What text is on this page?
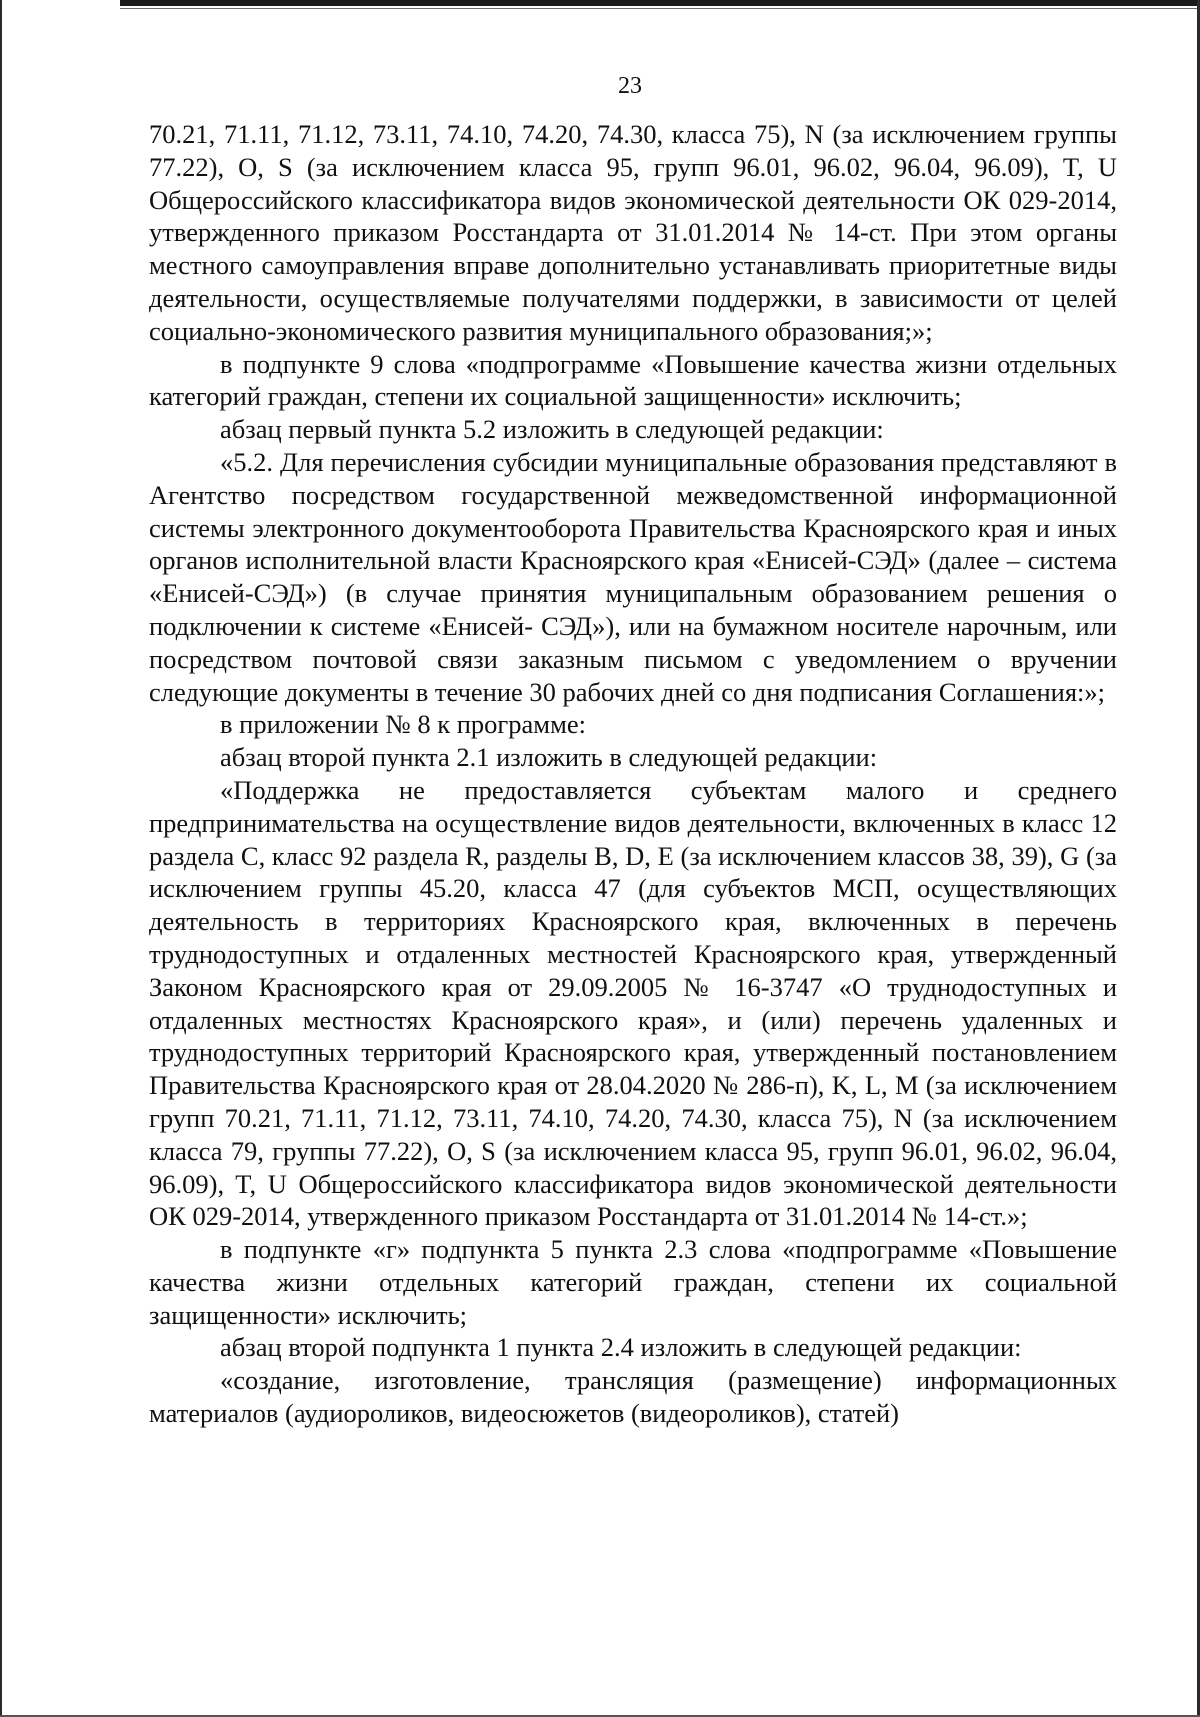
23

70.21, 71.11, 71.12, 73.11, 74.10, 74.20, 74.30, класса 75), N (за исключением группы 77.22), O, S (за исключением класса 95, групп 96.01, 96.02, 96.04, 96.09), T, U Общероссийского классификатора видов экономической деятельности ОК 029-2014, утвержденного приказом Росстандарта от 31.01.2014 № 14-ст. При этом органы местного самоуправления вправе дополнительно устанавливать приоритетные виды деятельности, осуществляемые получателями поддержки, в зависимости от целей социально-экономического развития муниципального образования;»;

в подпункте 9 слова «подпрограмме «Повышение качества жизни отдельных категорий граждан, степени их социальной защищенности» исключить;

абзац первый пункта 5.2 изложить в следующей редакции:

«5.2. Для перечисления субсидии муниципальные образования представляют в Агентство посредством государственной межведомственной информационной системы электронного документооборота Правительства Красноярского края и иных органов исполнительной власти Красноярского края «Енисей-СЭД» (далее – система «Енисей-СЭД») (в случае принятия муниципальным образованием решения о подключении к системе «Енисей- СЭД»), или на бумажном носителе нарочным, или посредством почтовой связи заказным письмом с уведомлением о вручении следующие документы в течение 30 рабочих дней со дня подписания Соглашения:»;

в приложении № 8 к программе:

абзац второй пункта 2.1 изложить в следующей редакции:

«Поддержка не предоставляется субъектам малого и среднего предпринимательства на осуществление видов деятельности, включенных в класс 12 раздела C, класс 92 раздела R, разделы B, D, E (за исключением классов 38, 39), G (за исключением группы 45.20, класса 47 (для субъектов МСП, осуществляющих деятельность в территориях Красноярского края, включенных в перечень труднодоступных и отдаленных местностей Красноярского края, утвержденный Законом Красноярского края от 29.09.2005 № 16-3747 «О труднодоступных и отдаленных местностях Красноярского края», и (или) перечень удаленных и труднодоступных территорий Красноярского края, утвержденный постановлением Правительства Красноярского края от 28.04.2020 № 286-п), K, L, M (за исключением групп 70.21, 71.11, 71.12, 73.11, 74.10, 74.20, 74.30, класса 75), N (за исключением класса 79, группы 77.22), O, S (за исключением класса 95, групп 96.01, 96.02, 96.04, 96.09), T, U Общероссийского классификатора видов экономической деятельности ОК 029-2014, утвержденного приказом Росстандарта от 31.01.2014 № 14-ст.»;

в подпункте «г» подпункта 5 пункта 2.3 слова «подпрограмме «Повышение качества жизни отдельных категорий граждан, степени их социальной защищенности» исключить;

абзац второй подпункта 1 пункта 2.4 изложить в следующей редакции:

«создание, изготовление, трансляция (размещение) информационных материалов (аудиороликов, видеосюжетов (видеороликов), статей)
